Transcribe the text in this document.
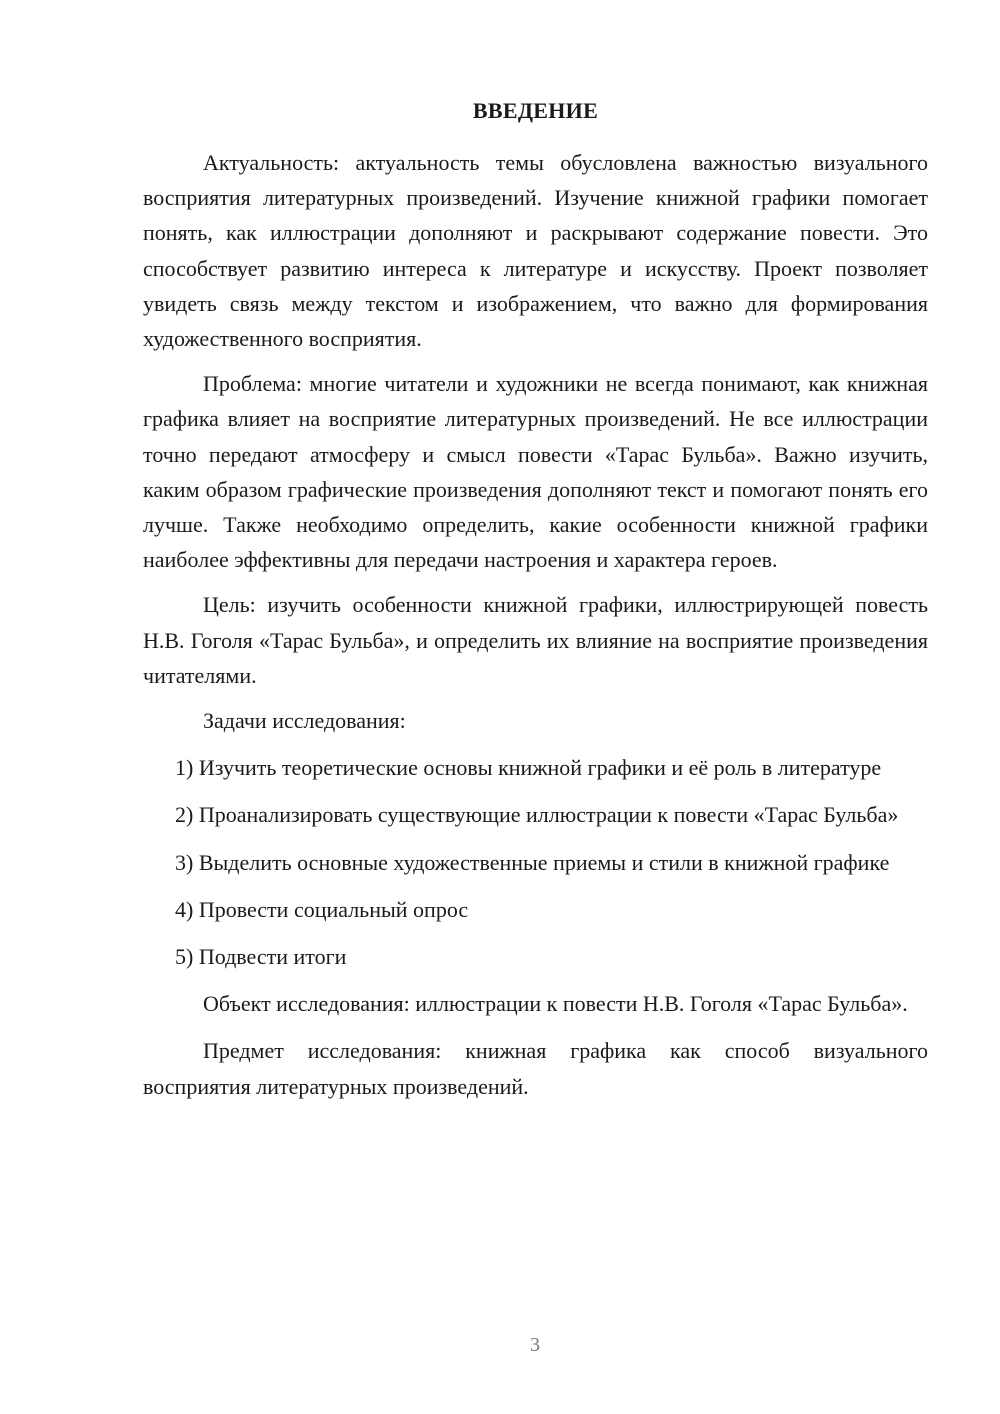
ВВЕДЕНИЕ

Актуальность: актуальность темы обусловлена важностью визуального восприятия литературных произведений. Изучение книжной графики помогает понять, как иллюстрации дополняют и раскрывают содержание повести. Это способствует развитию интереса к литературе и искусству. Проект позволяет увидеть связь между текстом и изображением, что важно для формирования художественного восприятия.

Проблема: многие читатели и художники не всегда понимают, как книжная графика влияет на восприятие литературных произведений. Не все иллюстрации точно передают атмосферу и смысл повести «Тарас Бульба». Важно изучить, каким образом графические произведения дополняют текст и помогают понять его лучше. Также необходимо определить, какие особенности книжной графики наиболее эффективны для передачи настроения и характера героев.

Цель: изучить особенности книжной графики, иллюстрирующей повесть Н.В. Гоголя «Тарас Бульба», и определить их влияние на восприятие произведения читателями.

Задачи исследования:

1) Изучить теоретические основы книжной графики и её роль в литературе

2) Проанализировать существующие иллюстрации к повести «Тарас Бульба»

3) Выделить основные художественные приемы и стили в книжной графике

4) Провести социальный опрос

5) Подвести итоги

Объект исследования: иллюстрации к повести Н.В. Гоголя «Тарас Бульба».

Предмет исследования: книжная графика как способ визуального восприятия литературных произведений.

3
